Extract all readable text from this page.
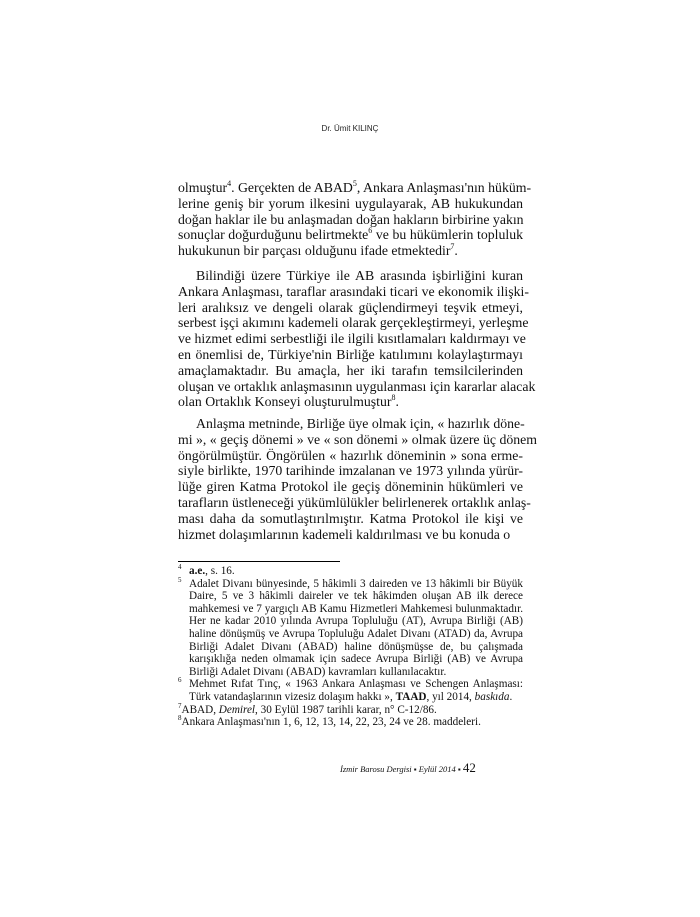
Dr. Ümit KILINÇ
olmuştur$^4$. Gerçekten de ABAD$^5$, Ankara Anlaşması'nın hüküm-
lerine geniş bir yorum ilkesini uygulayarak, AB hukukundan
doğan haklar ile bu anlaşmadan doğan hakların birbirine yakın
sonuçlar doğurduğunu belirtmekte$^6$ ve bu hükümlerin topluluk
hukukunun bir parçası olduğunu ifade etmektedir$^7$.
Bilindiği üzere Türkiye ile AB arasında işbirliğini kuran
Ankara Anlaşması, taraflar arasındaki ticari ve ekonomik ilişki-
leri aralıksız ve dengeli olarak güçlendirmeyi teşvik etmeyi,
serbest işçi akımını kademeli olarak gerçekleştirmeyi, yerleşme
ve hizmet edimi serbestliği ile ilgili kısıtlamaları kaldırmayı ve
en önemlisi de, Türkiye'nin Birliğe katılımını kolaylaştırmayı
amaçlamaktadır. Bu amaçla, her iki tarafın temsilcilerinden
oluşan ve ortaklık anlaşmasının uygulanması için kararlar alacak
olan Ortaklık Konseyi oluşturulmuştur$^8$.
Anlaşma metninde, Birliğe üye olmak için, « hazırlık döne-
mi », « geçiş dönemi » ve « son dönemi » olmak üzere üç dönem
öngörülmüştür. Öngörülen « hazırlık döneminin » sona erme-
siyle birlikte, 1970 tarihinde imzalanan ve 1973 yılında yürür-
lüğe giren Katma Protokol ile geçiş döneminin hükümleri ve
tarafların üstleneceği yükümlülükler belirlenerek ortaklık anlaş-
ması daha da somutlaştırılmıştır. Katma Protokol ile kişi ve
hizmet dolaşımlarının kademeli kaldırılması ve bu konuda o
$^4$ a.e., s. 16.
$^5$ Adalet Divanı bünyesinde, 5 hâkimli 3 daireden ve 13 hâkimli bir Büyük
Daire, 5 ve 3 hâkimli daireler ve tek hâkimden oluşan AB ilk derece
mahkemesi ve 7 yargıçlı AB Kamu Hizmetleri Mahkemesi bulunmaktadır.
Her ne kadar 2010 yılında Avrupa Topluluğu (AT), Avrupa Birliği (AB)
haline dönüşmüş ve Avrupa Topluluğu Adalet Divanı (ATAD) da, Avrupa
Birliği Adalet Divanı (ABAD) haline dönüşmüşse de, bu çalışmada
karışıklığa neden olmamak için sadece Avrupa Birliği (AB) ve Avrupa
Birliği Adalet Divanı (ABAD) kavramları kullanılacaktır.
$^6$ Mehmet Rıfat Tınç, « 1963 Ankara Anlaşması ve Schengen Anlaşması:
Türk vatandaşlarının vizesiz dolaşım hakkı », TAAD, yıl 2014, baskıda.
$^7$ABAD, Demirel, 30 Eylül 1987 tarihli karar, n° C-12/86.
$^8$Ankara Anlaşması'nın 1, 6, 12, 13, 14, 22, 23, 24 ve 28. maddeleri.
İzmir Barosu Dergisi ▪ Eylül 2014 ▪ 42
